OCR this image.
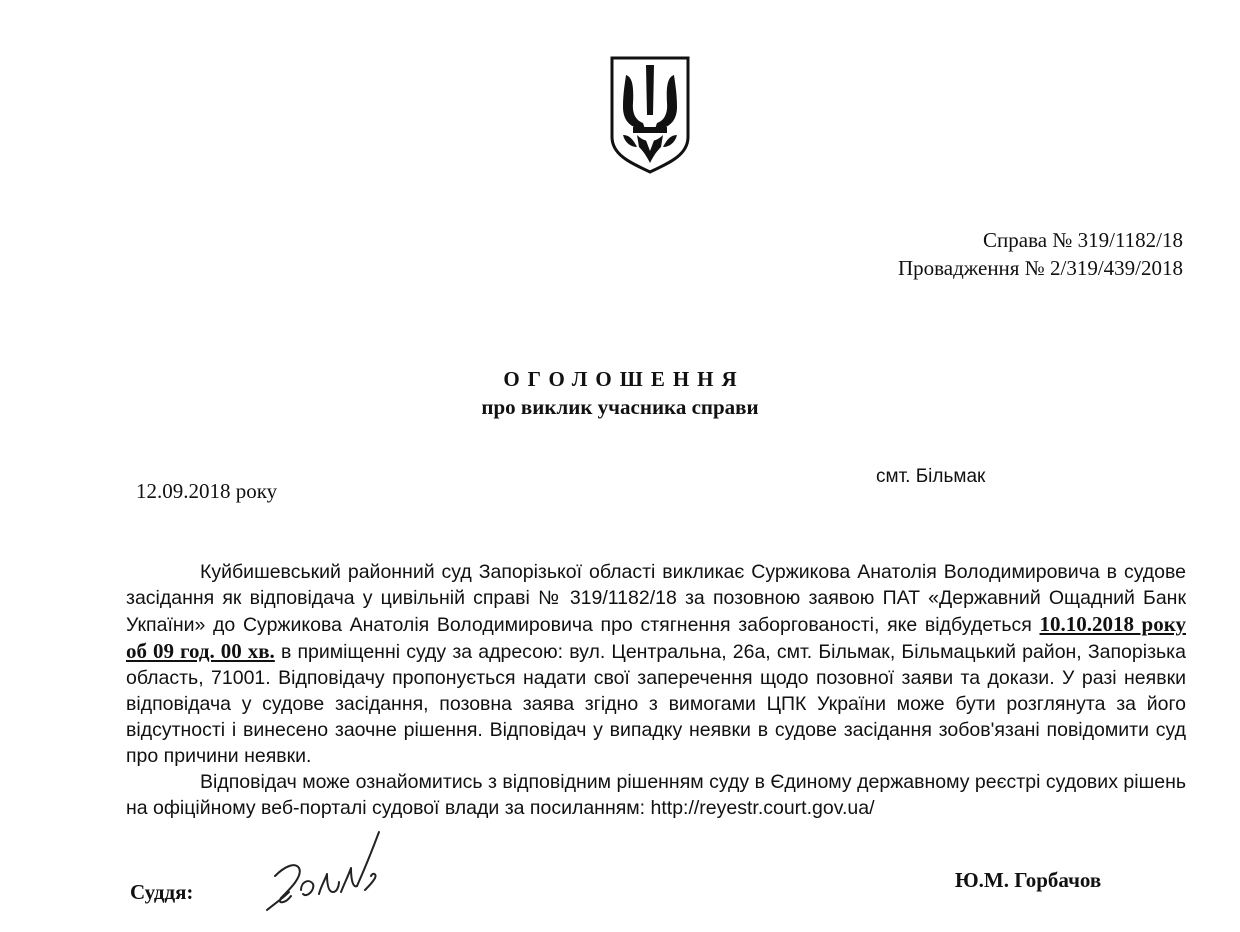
Справа № 319/1182/18
Провадження № 2/319/439/2018
ОГОЛОШЕННЯ
про виклик учасника справи
12.09.2018 року
смт. Більмак

Куйбишевський районний суд Запорізької області викликає Суржикова Анатолія Володимировича в судове засідання як відповідача у цивільній справі № 319/1182/18 за позовною заявою ПАТ «Державний Ощадний Банк Укпаїни» до Суржикова Анатолія Володимировича про стягнення заборгованості, яке відбудеться 10.10.2018 року об 09 год. 00 хв. в приміщенні суду за адресою: вул. Центральна, 26а, смт. Більмак, Більмацький район, Запорізька область, 71001. Відповідачу пропонується надати свої заперечення щодо позовної заяви та докази. У разі неявки відповідача у судове засідання, позовна заява згідно з вимогами ЦПК України може бути розглянута за його відсутності і винесено заочне рішення. Відповідач у випадку неявки в судове засідання зобов'язані повідомити суд про причини неявки.

Відповідач може ознайомитись з відповідним рішенням суду в Єдиному державному реєстрі судових рішень на офіційному веб-порталі судової влади за посиланням: http://reyestr.court.gov.ua/

Суддя:	Ю.М. Горбачов
